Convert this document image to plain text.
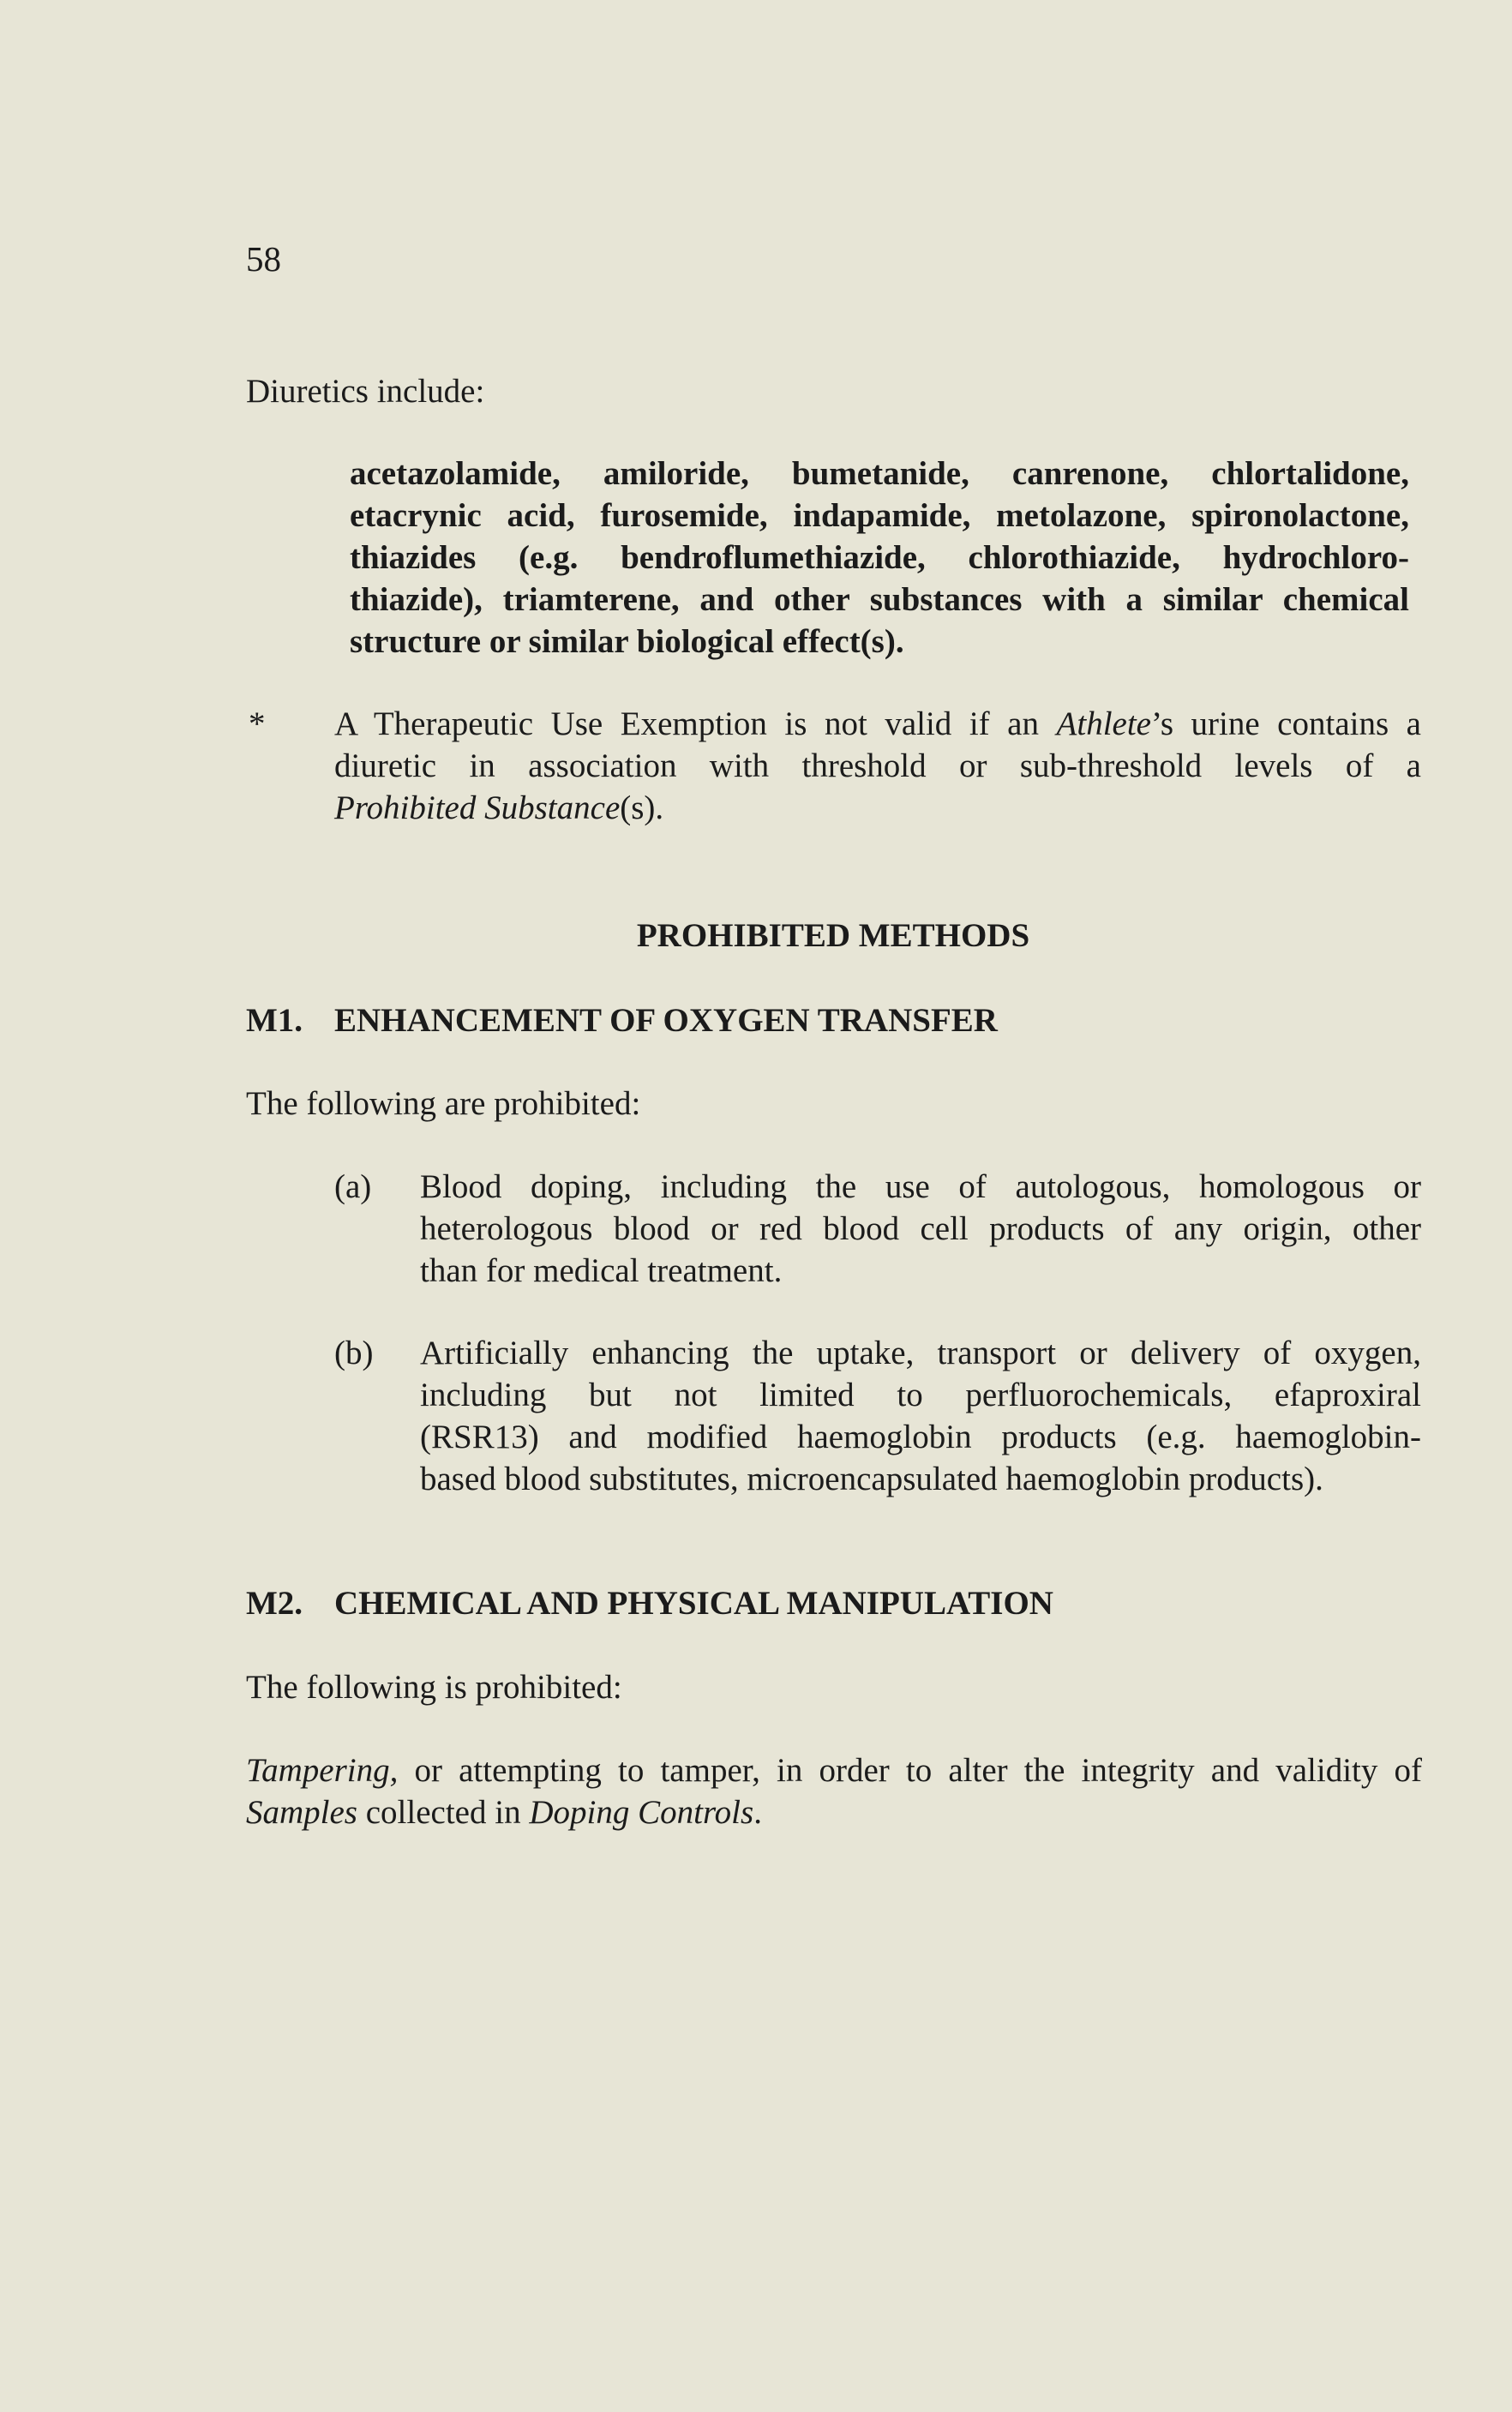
58
Diuretics include:
acetazolamide, amiloride, bumetanide, canrenone, chlortalidone,
etacrynic acid, furosemide, indapamide, metolazone, spironolactone,
thiazides (e.g. bendroflumethiazide, chlorothiazide, hydrochloro-
thiazide), triamterene, and other substances with a similar chemical
structure or similar biological effect(s).
* A Therapeutic Use Exemption is not valid if an Athlete’s urine contains a
diuretic in association with threshold or sub-threshold levels of a
Prohibited Substance(s).
PROHIBITED METHODS
M1. ENHANCEMENT OF OXYGEN TRANSFER
The following are prohibited:
(a) Blood doping, including the use of autologous, homologous or
heterologous blood or red blood cell products of any origin, other
than for medical treatment.
(b) Artificially enhancing the uptake, transport or delivery of oxygen,
including but not limited to perfluorochemicals, efaproxiral
(RSR13) and modified haemoglobin products (e.g. haemoglobin-
based blood substitutes, microencapsulated haemoglobin products).
M2. CHEMICAL AND PHYSICAL MANIPULATION
The following is prohibited:
Tampering, or attempting to tamper, in order to alter the integrity and validity of
Samples collected in Doping Controls.
